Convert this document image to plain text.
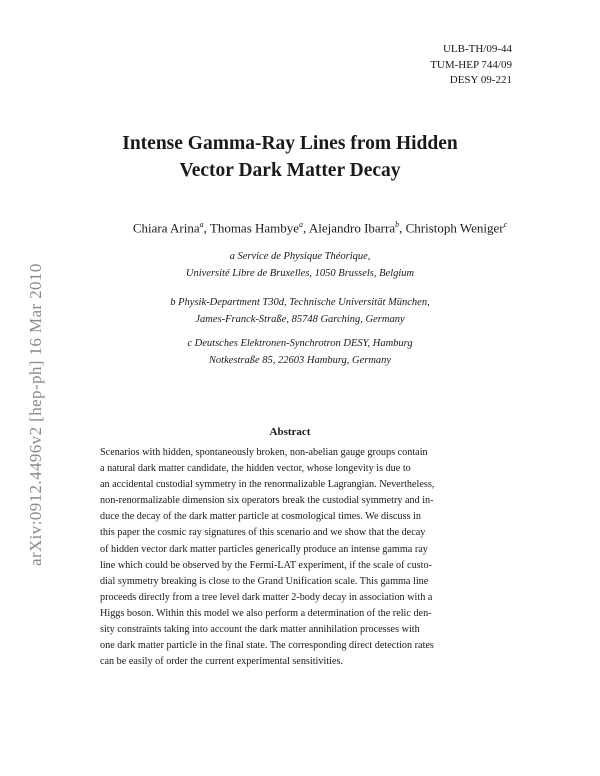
ULB-TH/09-44
TUM-HEP 744/09
DESY 09-221
arXiv:0912.4496v2 [hep-ph] 16 Mar 2010
Intense Gamma-Ray Lines from Hidden
Vector Dark Matter Decay
Chiara Arina$^a$, Thomas Hambye$^a$, Alejandro Ibarra$^b$, Christoph Weniger$^c$
a Service de Physique Théorique,
Université Libre de Bruxelles, 1050 Brussels, Belgium
b Physik-Department T30d, Technische Universität München,
James-Franck-Straße, 85748 Garching, Germany
c Deutsches Elektronen-Synchrotron DESY, Hamburg
Notkestraße 85, 22603 Hamburg, Germany
Abstract
Scenarios with hidden, spontaneously broken, non-abelian gauge groups contain
a natural dark matter candidate, the hidden vector, whose longevity is due to
an accidental custodial symmetry in the renormalizable Lagrangian. Nevertheless,
non-renormalizable dimension six operators break the custodial symmetry and in-
duce the decay of the dark matter particle at cosmological times. We discuss in
this paper the cosmic ray signatures of this scenario and we show that the decay
of hidden vector dark matter particles generically produce an intense gamma ray
line which could be observed by the Fermi-LAT experiment, if the scale of custo-
dial symmetry breaking is close to the Grand Unification scale. This gamma line
proceeds directly from a tree level dark matter 2-body decay in association with a
Higgs boson. Within this model we also perform a determination of the relic den-
sity constraints taking into account the dark matter annihilation processes with
one dark matter particle in the final state. The corresponding direct detection rates
can be easily of order the current experimental sensitivities.
